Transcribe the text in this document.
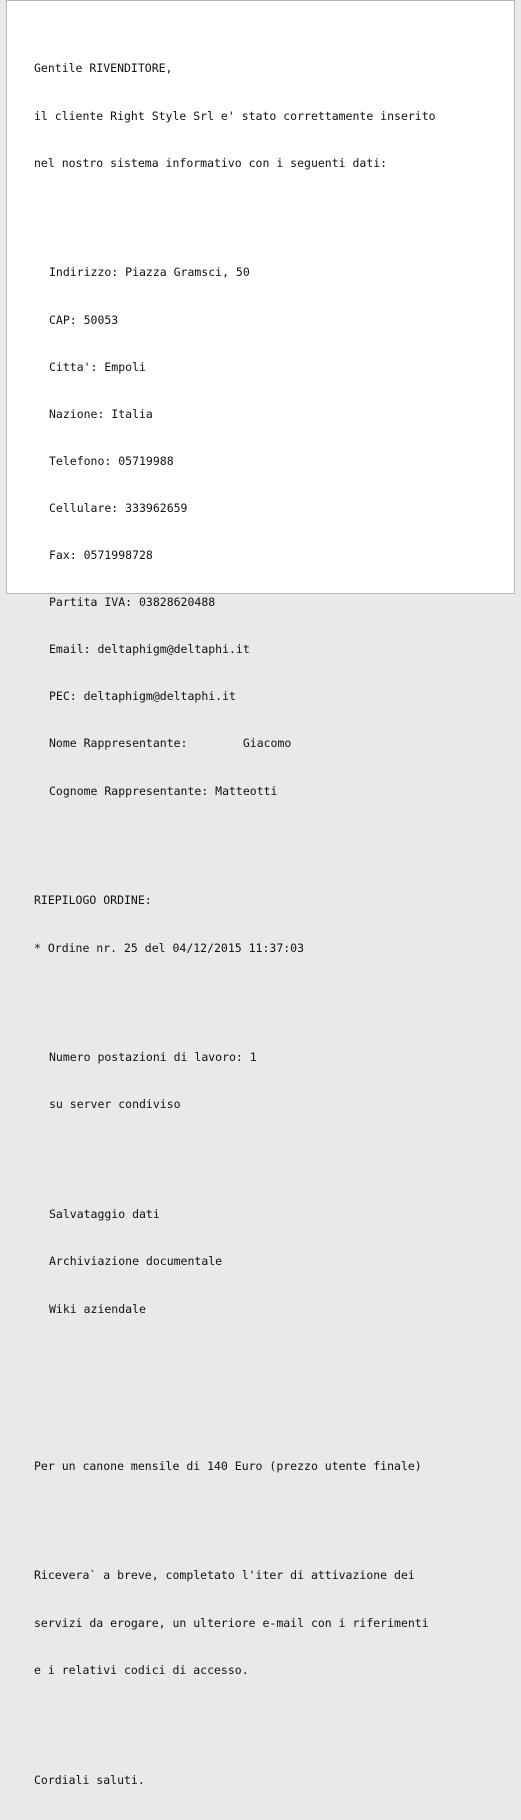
Gentile RIVENDITORE,

il cliente Right Style Srl e' stato correttamente inserito

nel nostro sistema informativo con i seguenti dati:

Indirizzo: Piazza Gramsci, 50

CAP: 50053

Citta': Empoli

Nazione: Italia

Telefono: 05719988

Cellulare: 333962659

Fax: 0571998728

Partita IVA: 03828620488

Email: deltaphigm@deltaphi.it

PEC: deltaphigm@deltaphi.it

Nome Rappresentante:        Giacomo

Cognome Rappresentante: Matteotti

RIEPILOGO ORDINE:

* Ordine nr. 25 del 04/12/2015 11:37:03

Numero postazioni di lavoro: 1

su server condiviso

Salvataggio dati

Archiviazione documentale

Wiki aziendale

Per un canone mensile di 140 Euro (prezzo utente finale)

Ricevera` a breve, completato l'iter di attivazione dei

servizi da erogare, un ulteriore e-mail con i riferimenti

e i relativi codici di accesso.

Cordiali saluti.
